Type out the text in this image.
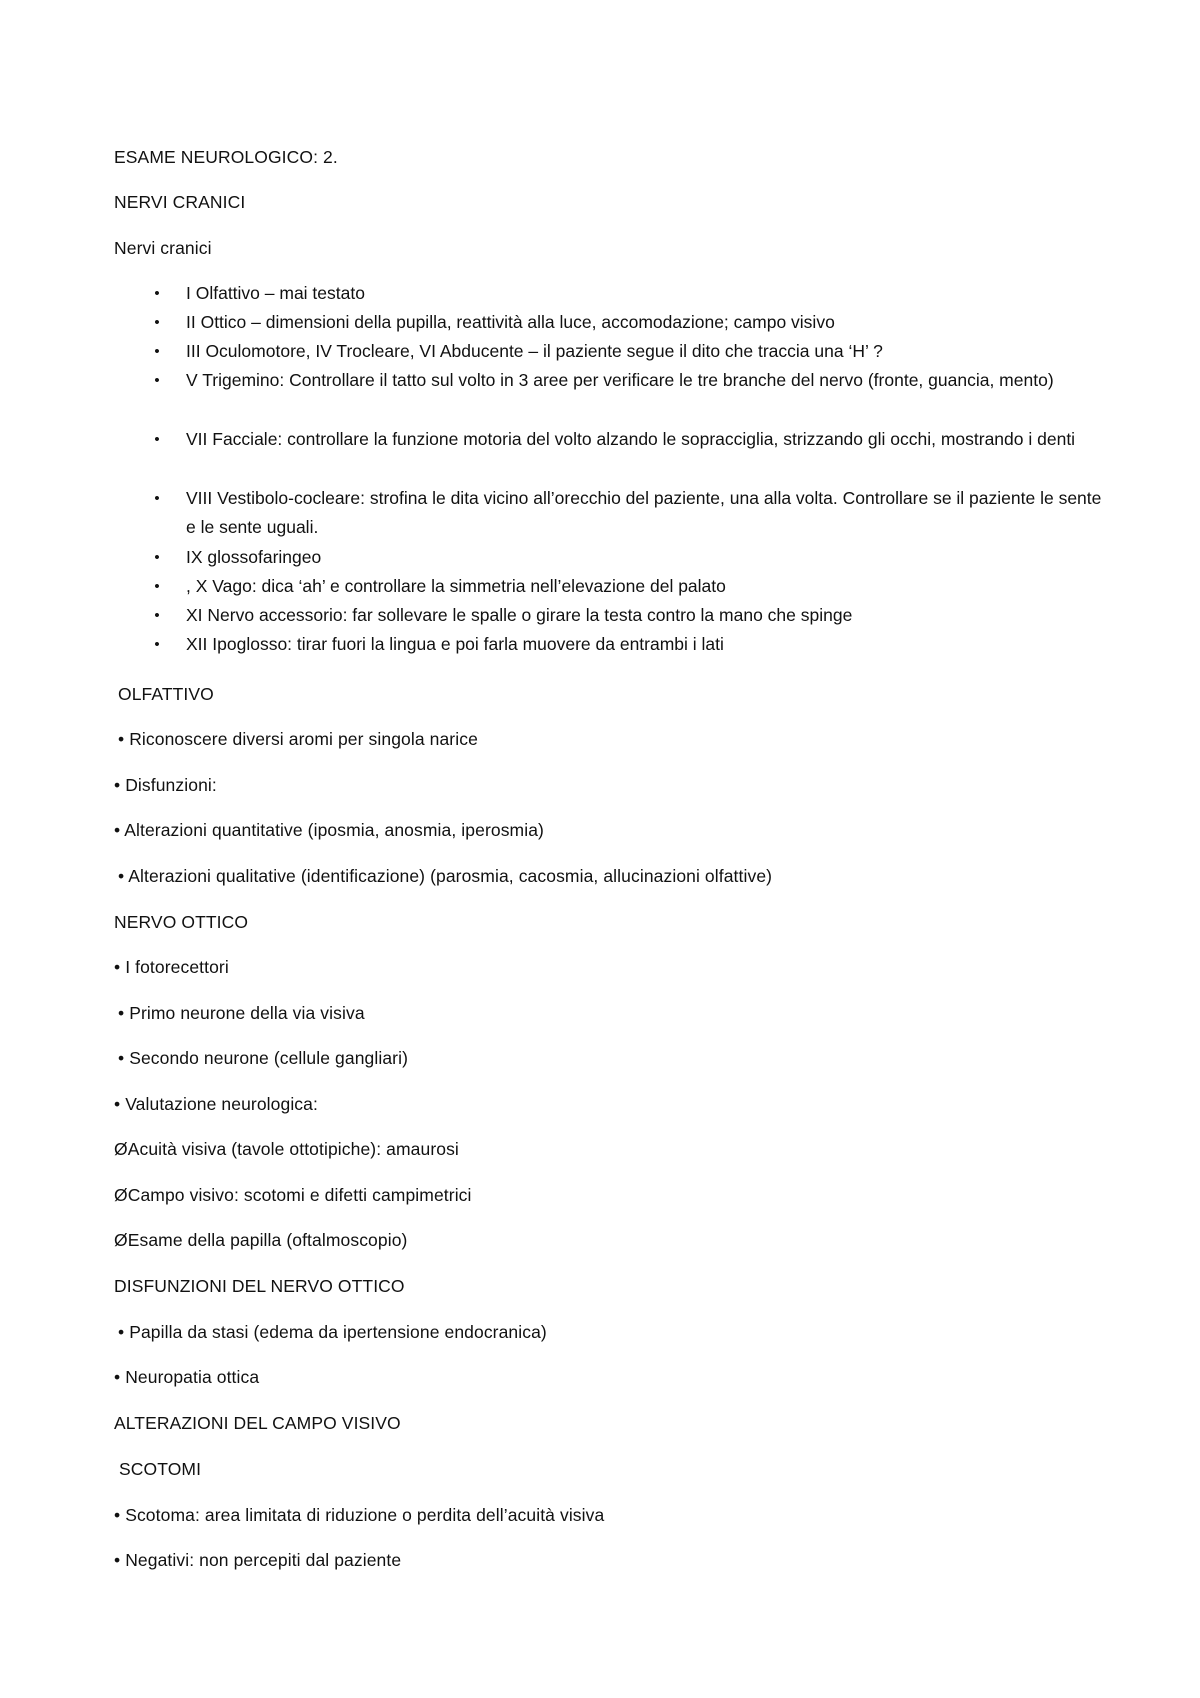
ESAME NEUROLOGICO: 2.
NERVI CRANICI
Nervi cranici
• I Olfattivo – mai testato
• II Ottico – dimensioni della pupilla, reattività alla luce, accomodazione; campo visivo
• III Oculomotore, IV Trocleare, VI Abducente – il paziente segue il dito che traccia una ‘H’ ?
• V Trigemino: Controllare il tatto sul volto in 3 aree per verificare le tre branche del nervo (fronte, guancia, mento)
• VII Facciale: controllare la funzione motoria del volto alzando le sopracciglia, strizzando gli occhi, mostrando i denti
• VIII Vestibolo-cocleare: strofina le dita vicino all’orecchio del paziente, una alla volta. Controllare se il paziente le sente e le sente uguali.
• IX glossofaringeo
• , X Vago: dica ‘ah’ e controllare la simmetria nell’elevazione del palato
• XI Nervo accessorio: far sollevare le spalle o girare la testa contro la mano che spinge
• XII Ipoglosso: tirar fuori la lingua e poi farla muovere da entrambi i lati
OLFATTIVO
• Riconoscere diversi aromi per singola narice
• Disfunzioni:
• Alterazioni quantitative (iposmia, anosmia, iperosmia)
• Alterazioni qualitative (identificazione) (parosmia, cacosmia, allucinazioni olfattive)
NERVO OTTICO
• I fotorecettori
• Primo neurone della via visiva
• Secondo neurone (cellule gangliari)
• Valutazione neurologica:
ØAcuità visiva (tavole ottotipiche): amaurosi
ØCampo visivo: scotomi e difetti campimetrici
ØEsame della papilla (oftalmoscopio)
DISFUNZIONI DEL NERVO OTTICO
• Papilla da stasi (edema da ipertensione endocranica)
• Neuropatia ottica
ALTERAZIONI DEL CAMPO VISIVO
SCOTOMI
• Scotoma: area limitata di riduzione o perdita dell’acuità visiva
• Negativi: non percepiti dal paziente
